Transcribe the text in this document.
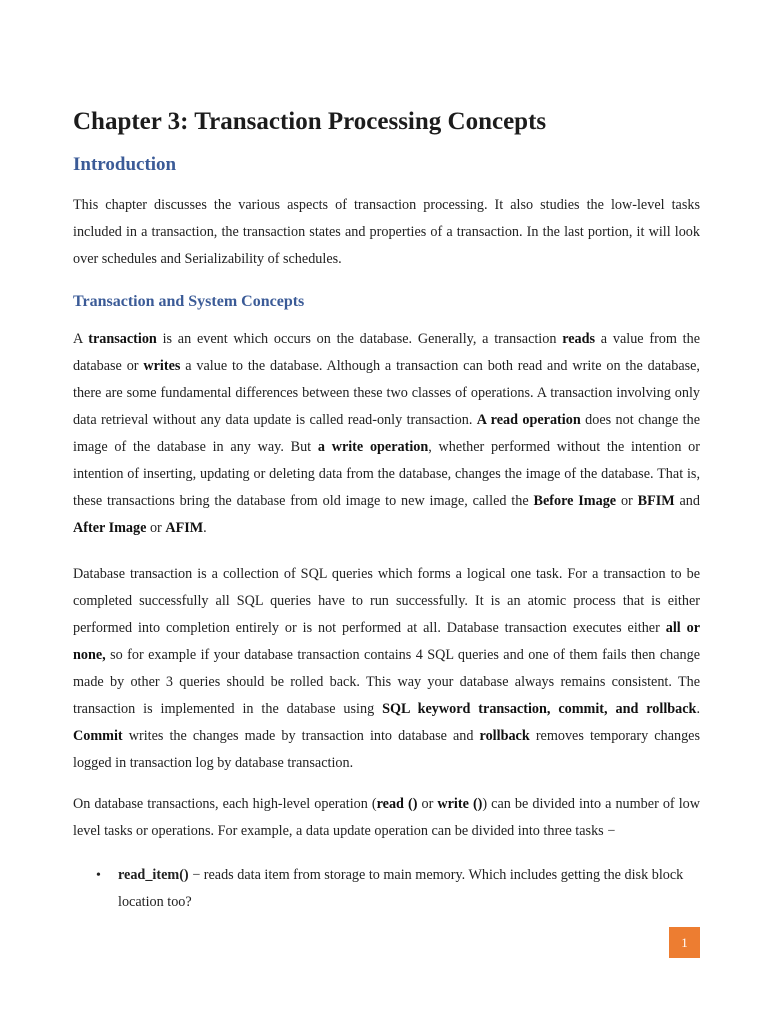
Chapter 3: Transaction Processing Concepts
Introduction

This chapter discusses the various aspects of transaction processing. It also studies the low-level tasks included in a transaction, the transaction states and properties of a transaction. In the last portion, it will look over schedules and Serializability of schedules.

Transaction and System Concepts

A transaction is an event which occurs on the database. Generally, a transaction reads a value from the database or writes a value to the database. Although a transaction can both read and write on the database, there are some fundamental differences between these two classes of operations. A transaction involving only data retrieval without any data update is called read-only transaction. A read operation does not change the image of the database in any way. But a write operation, whether performed without the intention or intention of inserting, updating or deleting data from the database, changes the image of the database. That is, these transactions bring the database from old image to new image, called the Before Image or BFIM and After Image or AFIM.

Database transaction is a collection of SQL queries which forms a logical one task. For a transaction to be completed successfully all SQL queries have to run successfully. It is an atomic process that is either performed into completion entirely or is not performed at all. Database transaction executes either all or none, so for example if your database transaction contains 4 SQL queries and one of them fails then change made by other 3 queries should be rolled back. This way your database always remains consistent. The transaction is implemented in the database using SQL keyword transaction, commit, and rollback. Commit writes the changes made by transaction into database and rollback removes temporary changes logged in transaction log by database transaction.

On database transactions, each high-level operation (read () or write ()) can be divided into a number of low level tasks or operations. For example, a data update operation can be divided into three tasks −

• read_item() − reads data item from storage to main memory. Which includes getting the disk block location too?
1
